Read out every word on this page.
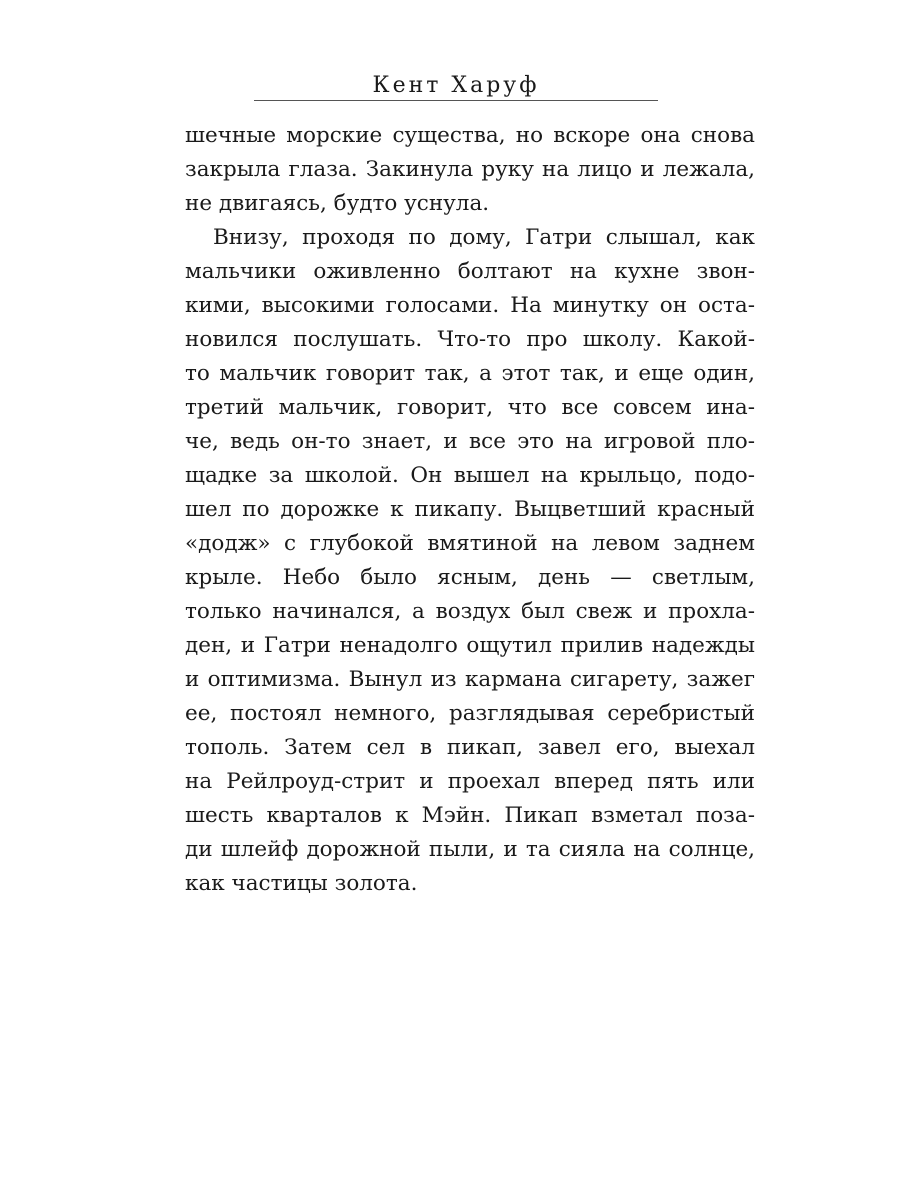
Кент Харуф
шечные морские существа, но вскоре она снова
закрыла глаза. Закинула руку на лицо и лежала,
не двигаясь, будто уснула.
Внизу, проходя по дому, Гатри слышал, как
мальчики оживленно болтают на кухне звон-
кими, высокими голосами. На минутку он оста-
новился послушать. Что-то про школу. Какой-
то мальчик говорит так, а этот так, и еще один,
третий мальчик, говорит, что все совсем ина-
че, ведь он-то знает, и все это на игровой пло-
щадке за школой. Он вышел на крыльцо, подо-
шел по дорожке к пикапу. Выцветший красный
«додж» с глубокой вмятиной на левом заднем
крыле. Небо было ясным, день — светлым,
только начинался, а воздух был свеж и прохла-
ден, и Гатри ненадолго ощутил прилив надежды
и оптимизма. Вынул из кармана сигарету, зажег
ее, постоял немного, разглядывая серебристый
тополь. Затем сел в пикап, завел его, выехал
на Рейлроуд-стрит и проехал вперед пять или
шесть кварталов к Мэйн. Пикап взметал поза-
ди шлейф дорожной пыли, и та сияла на солнце,
как частицы золота.
